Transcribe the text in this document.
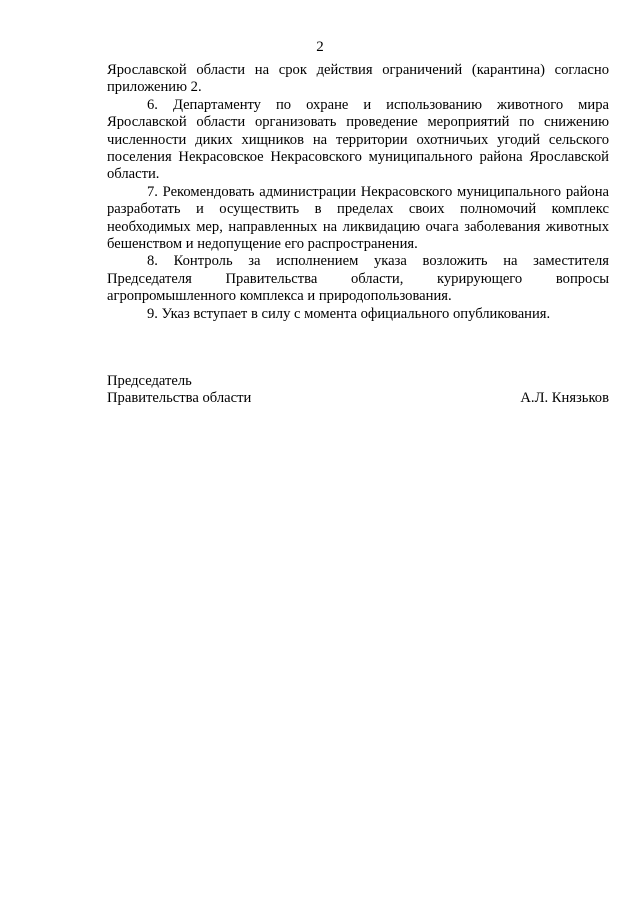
2

Ярославской области на срок действия ограничений (карантина) согласно приложению 2.

6. Департаменту по охране и использованию животного мира Ярославской области организовать проведение мероприятий по снижению численности диких хищников на территории охотничьих угодий сельского поселения Некрасовское Некрасовского муниципального района Ярославской области.

7. Рекомендовать администрации Некрасовского муниципального района разработать и осуществить в пределах своих полномочий комплекс необходимых мер, направленных на ликвидацию очага заболевания животных бешенством и недопущение его распространения.

8. Контроль за исполнением указа возложить на заместителя Председателя Правительства области, курирующего вопросы агропромышленного комплекса и природопользования.

9. Указ вступает в силу с момента официального опубликования.

Председатель
Правительства области	А.Л. Князьков
